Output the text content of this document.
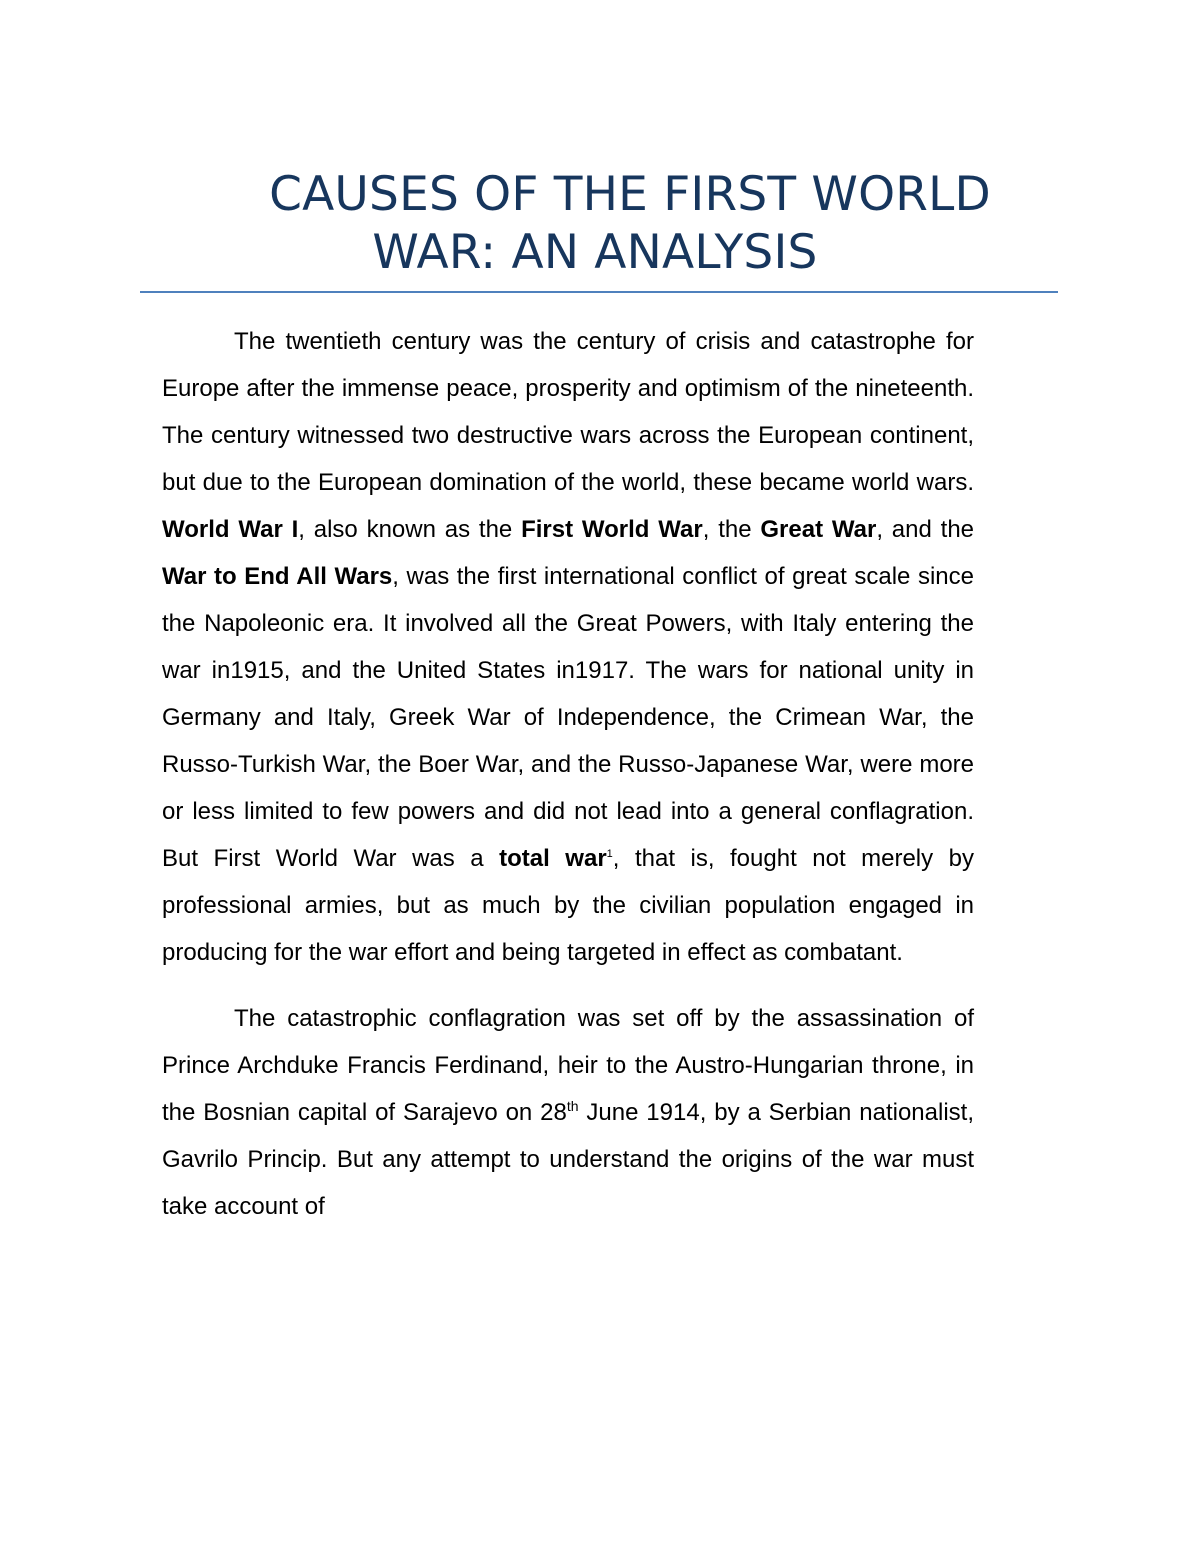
CAUSES OF THE FIRST WORLD
WAR: AN ANALYSIS

The twentieth century was the century of crisis and catastrophe for Europe after the immense peace, prosperity and optimism of the nineteenth. The century witnessed two destructive wars across the European continent, but due to the European domination of the world, these became world wars. World War I, also known as the First World War, the Great War, and the War to End All Wars, was the first international conflict of great scale since the Napoleonic era. It involved all the Great Powers, with Italy entering the war in1915, and the United States in1917. The wars for national unity in Germany and Italy, Greek War of Independence, the Crimean War, the Russo-Turkish War, the Boer War, and the Russo-Japanese War, were more or less limited to few powers and did not lead into a general conflagration. But First World War was a total war$^1$, that is, fought not merely by professional armies, but as much by the civilian population engaged in producing for the war effort and being targeted in effect as combatant.

The catastrophic conflagration was set off by the assassination of Prince Archduke Francis Ferdinand, heir to the Austro-Hungarian throne, in the Bosnian capital of Sarajevo on 28th June 1914, by a Serbian nationalist, Gavrilo Princip. But any attempt to understand the origins of the war must take account of
